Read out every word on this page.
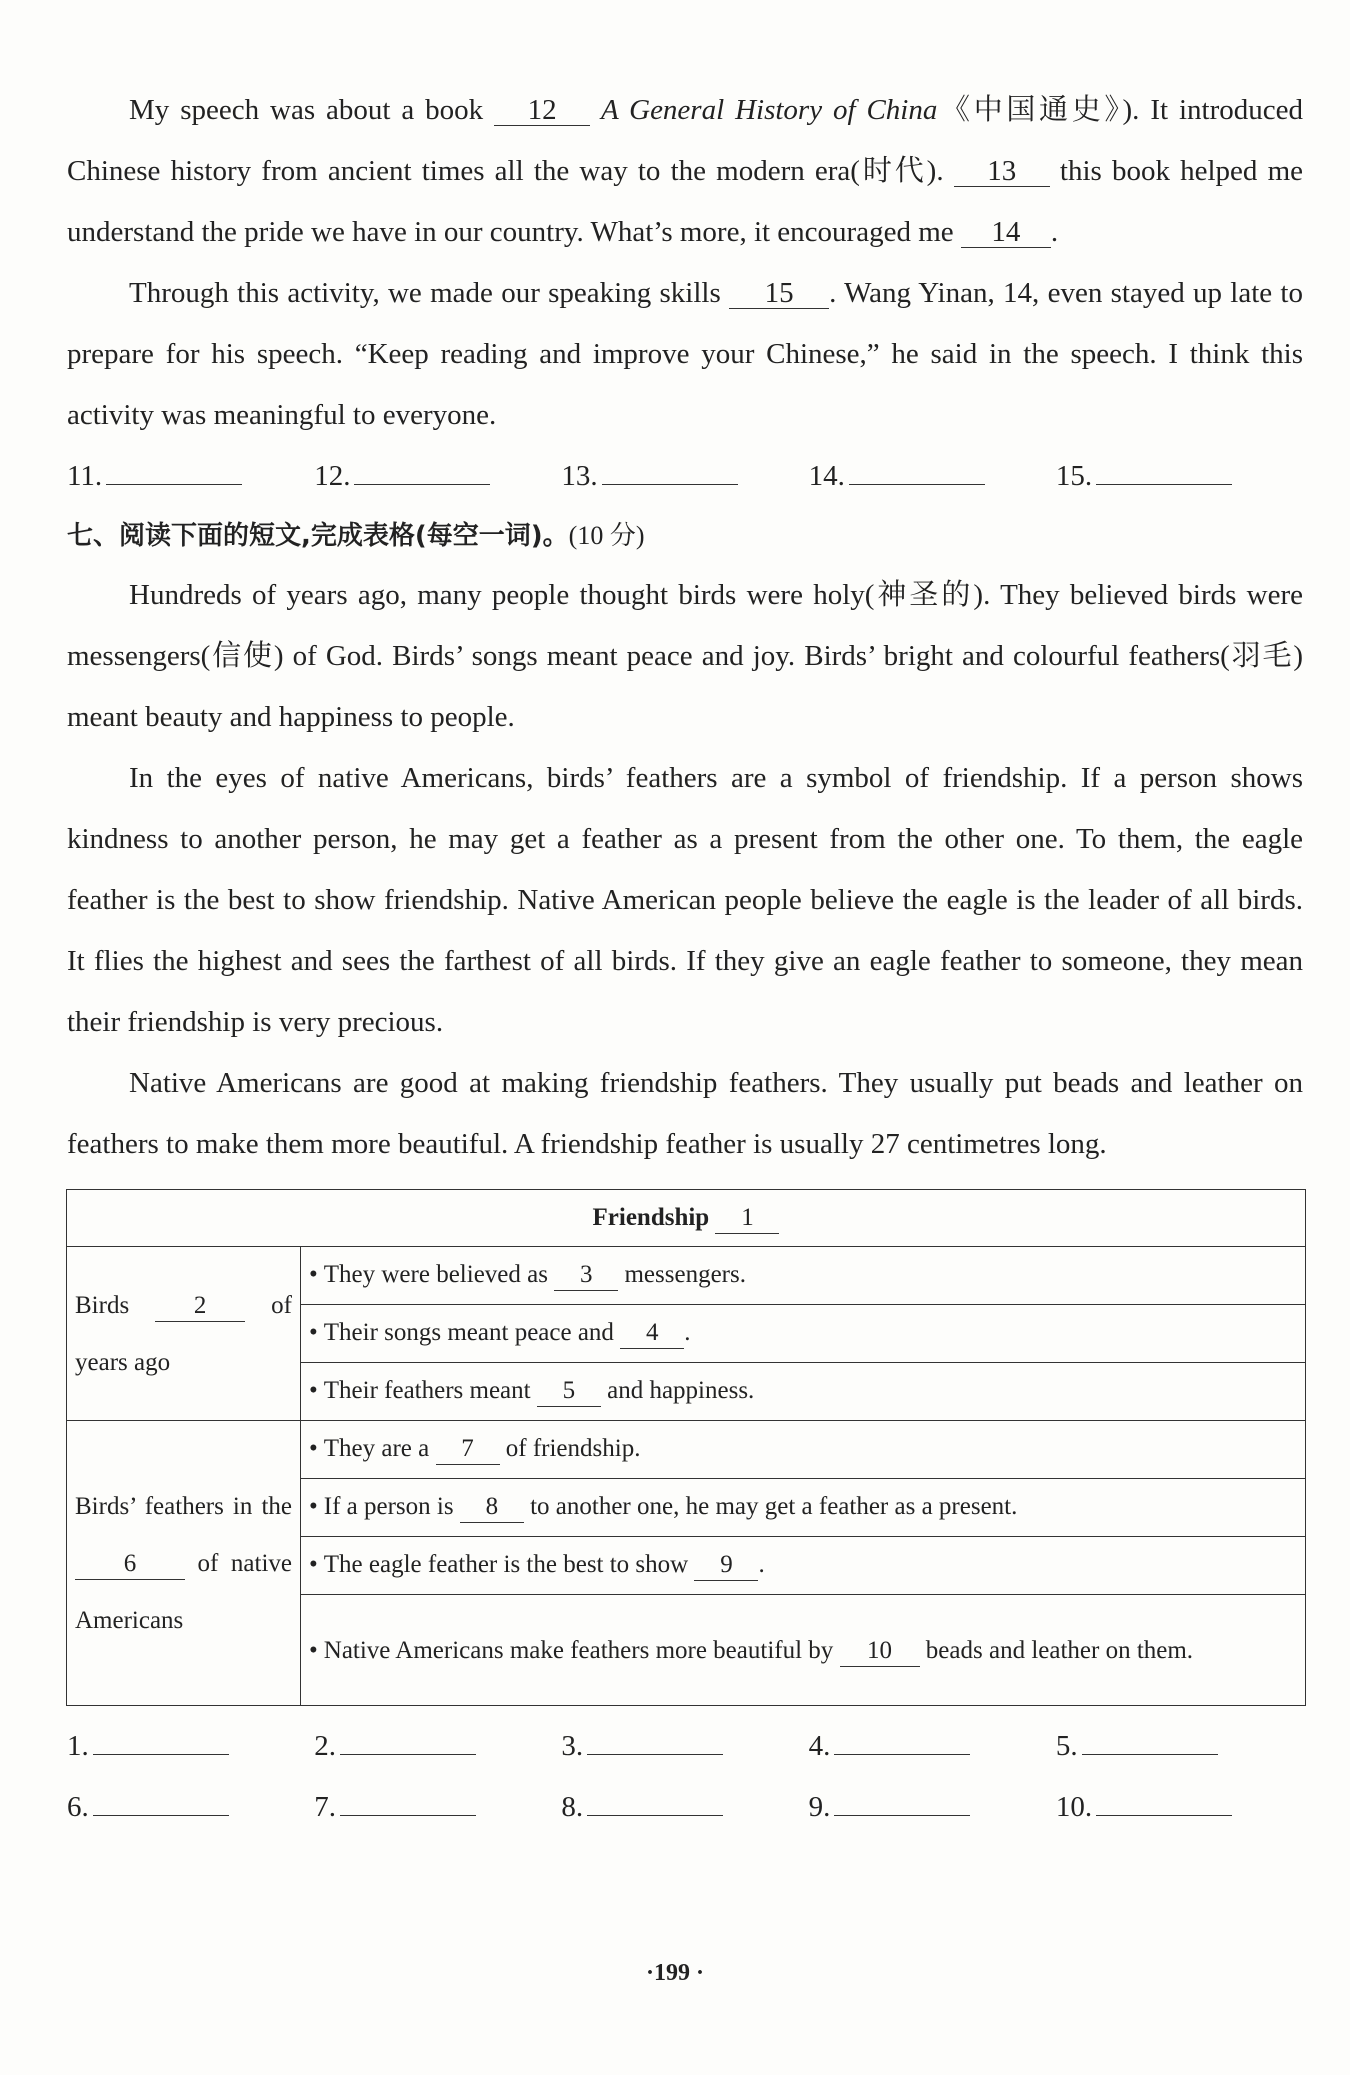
My speech was about a book 12 A General History of China《中国通史》). It introduced Chinese history from ancient times all the way to the modern era(时代). 13 this book helped me understand the pride we have in our country. What’s more, it encouraged me 14 .

Through this activity, we made our speaking skills 15 . Wang Yinan, 14, even stayed up late to prepare for his speech. “Keep reading and improve your Chinese,” he said in the speech. I think this activity was meaningful to everyone.

11.	12.	13.	14.	15.

七、阅读下面的短文,完成表格(每空一词)。(10 分)

Hundreds of years ago, many people thought birds were holy(神圣的). They believed birds were messengers(信使) of God. Birds’ songs meant peace and joy. Birds’ bright and colourful feathers(羽毛) meant beauty and happiness to people.

In the eyes of native Americans, birds’ feathers are a symbol of friendship. If a person shows kindness to another person, he may get a feather as a present from the other one. To them, the eagle feather is the best to show friendship. Native American people believe the eagle is the leader of all birds. It flies the highest and sees the farthest of all birds. If they give an eagle feather to someone, they mean their friendship is very precious.

Native Americans are good at making friendship feathers. They usually put beads and leather on feathers to make them more beautiful. A friendship feather is usually 27 centimetres long.

Friendship 1	
Birds 2 of years ago	• They were believed as 3 messengers.
	• Their songs meant peace and 4 .
	• Their feathers meant 5 and happiness.
Birds’ feathers in the 6 of native Americans	• They are a 7 of friendship.
	• If a person is 8 to another one, he may get a feather as a present.
	• The eagle feather is the best to show 9 .
	• Native Americans make feathers more beautiful by 10 beads and leather on them.
1.	2.	3.	4.	5.
6.	7.	8.	9.	10.
·199 ·
